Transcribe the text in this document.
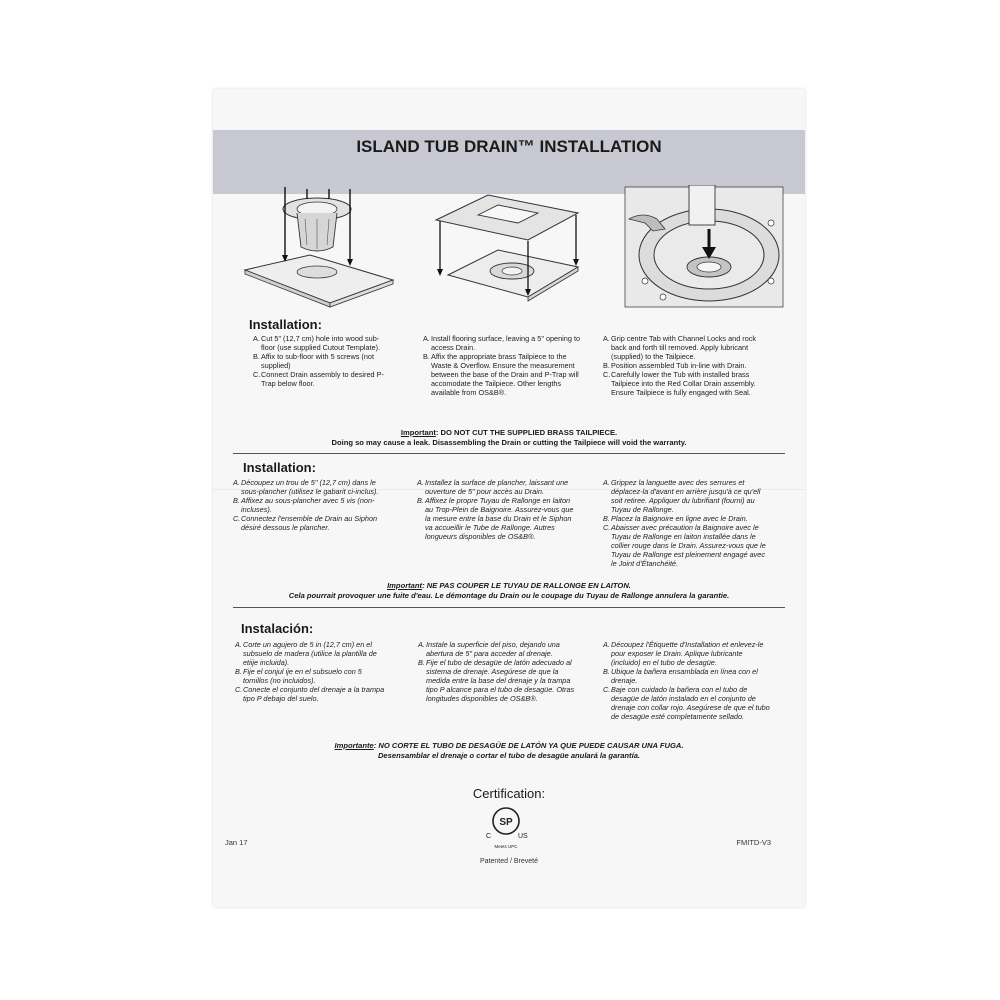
ISLAND TUB DRAIN™ INSTALLATION
Installation:
A. Cut 5" (12,7 cm) hole into wood sub-floor (use supplied Cutout Template).
B. Affix to sub-floor with 5 screws (not supplied)
C. Connect Drain assembly to desired P-Trap below floor.
A. Install flooring surface, leaving a 5" opening to access Drain.
B. Affix the appropriate brass Tailpiece to the Waste & Overflow. Ensure the measurement between the base of the Drain and P-Trap will accomodate the Tailpiece. Other lengths available from OS&B®.
A. Grip centre Tab with Channel Locks and rock back and forth till removed. Apply lubricant (supplied) to the Tailpiece.
B. Position assembled Tub in-line with Drain.
C. Carefully lower the Tub with installed brass Tailpiece into the Red Collar Drain assembly. Ensure Tailpiece is fully engaged with Seal.
Important: DO NOT CUT THE SUPPLIED BRASS TAILPIECE.
Doing so may cause a leak. Disassembling the Drain or cutting the Tailpiece will void the warranty.
Installation:
A. Découpez un trou de 5" (12,7 cm) dans le sous-plancher (utilisez le gabarit ci-inclus).
B. Affixez au sous-plancher avec 5 vis (non-incluses).
C. Connectez l'ensemble de Drain au Siphon désiré dessous le plancher.
A. Installez la surface de plancher, laissant une ouverture de 5" pour accès au Drain.
B. Affixez le propre Tuyau de Rallonge en laiton au Trop-Plein de Baignoire. Assurez-vous que la mesure entre la base du Drain et le Siphon va accueillir le Tube de Rallonge. Autres longueurs disponibles de OS&B®.
A. Grippez la languette avec des serrures et déplacez-la d'avant en arrière jusqu'à ce qu'ell soit retiree. Appliquer du lubrifiant (fourni) au Tuyau de Rallonge.
B. Placez la Baignoire en ligne avec le Drain.
C. Abaisser avec précaution la Baignoire avec le Tuyau de Rallonge en laiton installée dans le collier rouge dans le Drain. Assurez-vous que le Tuyau de Rallonge est pleinement engagé avec le Joint d'Étanchéité.
Important: NE PAS COUPER LE TUYAU DE RALLONGE EN LAITON.
Cela pourrait provoquer une fuite d'eau. Le démontage du Drain ou le coupage du Tuyau de Rallonge annulera la garantie.
Instalación:
A. Corte un agujero de 5 in (12,7 cm) en el subsuelo de madera (utilice la plantilla de etiije incluida).
B. Fije el conjul ije en el subsuelo con 5 tornillos (no incluidos).
C. Conecte el conjunto del drenaje a la trampa tipo P debajo del suelo.
A. Instale la superficie del piso, dejando una abertura de 5" para acceder al drenaje.
B. Fije el tubo de desagüe de latón adecuado al sistema de drenaje. Asegúrese de que la medida entre la base del drenaje y la trampa tipo P alcance para el tubo de desagüe. Otras longitudes disponibles de OS&B®.
A. Découpez l'Étiquette d'Installation et enlevez-le pour exposer le Drain. Aplique lubricante (incluido) en el tubo de desagüe.
B. Ubique la bañera ensamblada en línea con el drenaje.
C. Baje con cuidado la bañera con el tubo de desagüe de latón instalado en el conjunto de drenaje con collar rojo. Asegúrese de que el tubo de desagüe esté completamente sellado.
Importante: NO CORTE EL TUBO DE DESAGÜE DE LATÓN YA QUE PUEDE CAUSAR UNA FUGA.
Desensamblar el drenaje o cortar el tubo de desagüe anulará la garantía.
Certification:
SP
C	US
Meets UPC
Jan 17	FMITD-V3
Patented / Breveté
